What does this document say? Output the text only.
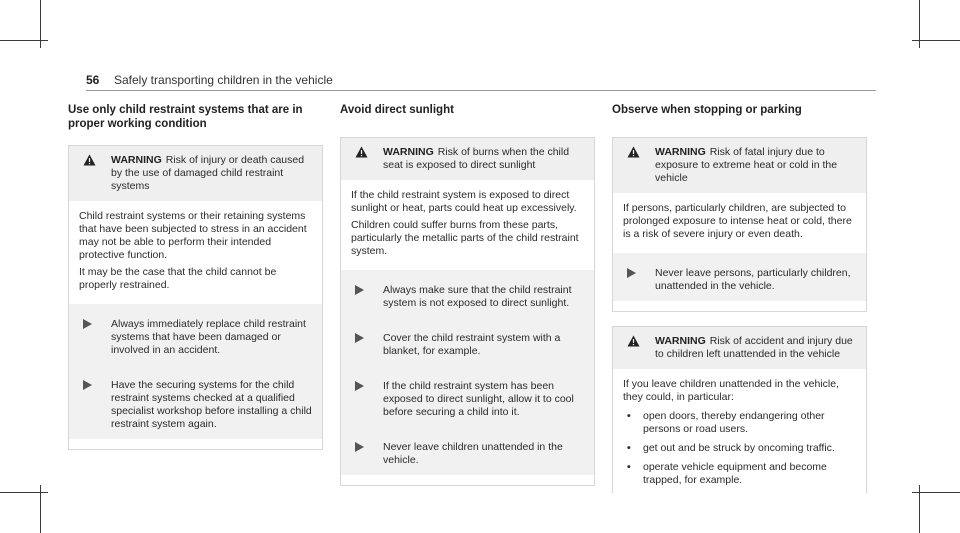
56 Safely transporting children in the vehicle
Use only child restraint systems that are in proper working condition
WARNING Risk of injury or death caused by the use of damaged child restraint systems

Child restraint systems or their retaining systems that have been subjected to stress in an accident may not be able to perform their intended protective function.

It may be the case that the child cannot be properly restrained.

Always immediately replace child restraint systems that have been damaged or involved in an accident.
Have the securing systems for the child restraint systems checked at a qualified specialist workshop before installing a child restraint system again.
Avoid direct sunlight
WARNING Risk of burns when the child seat is exposed to direct sunlight

If the child restraint system is exposed to direct sunlight or heat, parts could heat up excessively.

Children could suffer burns from these parts, particularly the metallic parts of the child restraint system.

Always make sure that the child restraint system is not exposed to direct sunlight.
Cover the child restraint system with a blanket, for example.
If the child restraint system has been exposed to direct sunlight, allow it to cool before securing a child into it.
Never leave children unattended in the vehicle.
Observe when stopping or parking
WARNING Risk of fatal injury due to exposure to extreme heat or cold in the vehicle

If persons, particularly children, are subjected to prolonged exposure to intense heat or cold, there is a risk of severe injury or even death.

Never leave persons, particularly children, unattended in the vehicle.
WARNING Risk of accident and injury due to children left unattended in the vehicle

If you leave children unattended in the vehicle, they could, in particular:

•	open doors, thereby endangering other persons or road users.
•	get out and be struck by oncoming traffic.
•	operate vehicle equipment and become trapped, for example.
